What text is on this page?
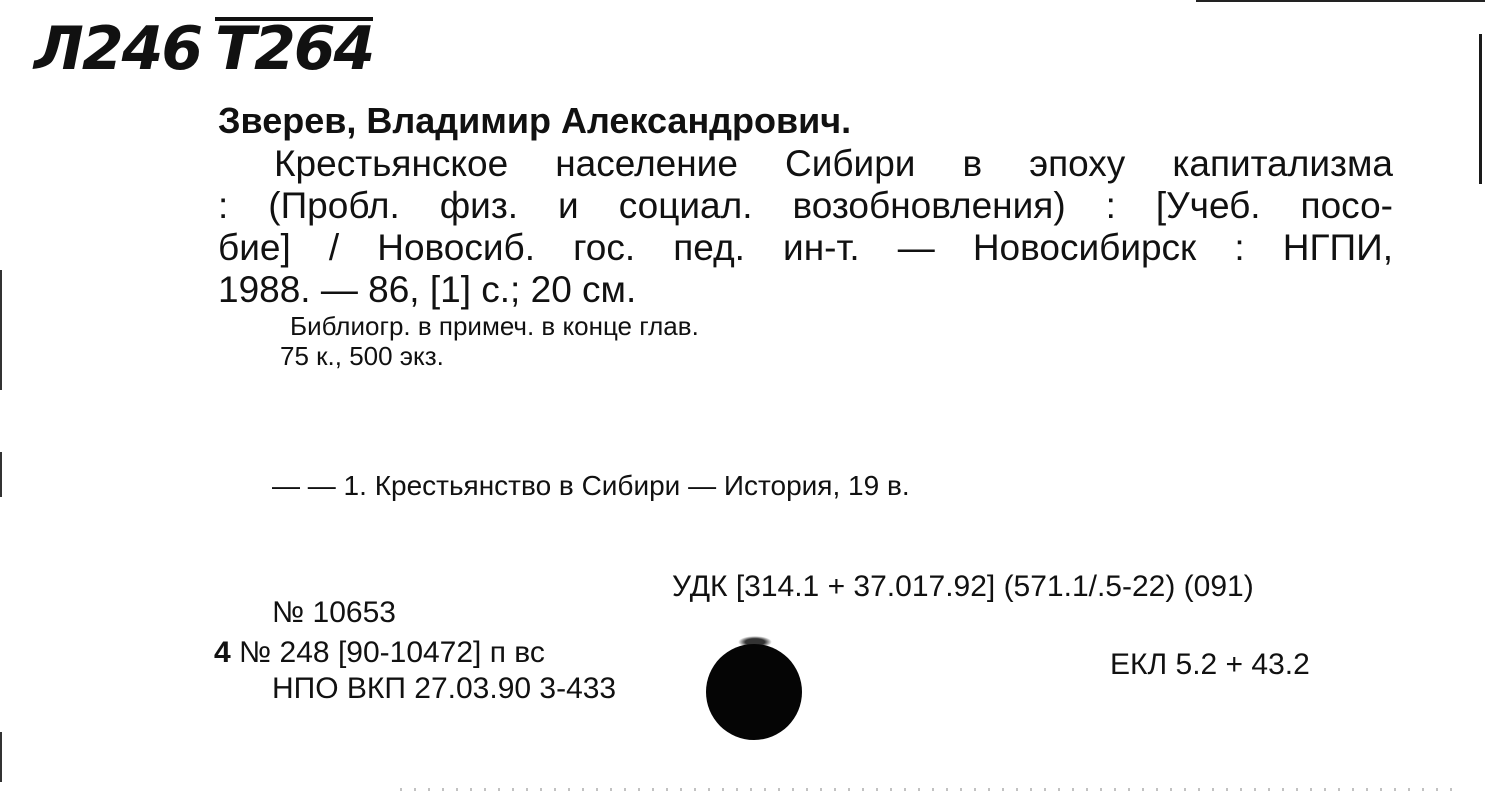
Л246 Т264
Зверев, Владимир Александрович.
Крестьянское население Сибири в эпоху капитализма
: (Пробл. физ. и социал. возобновления) : [Учеб. посо-
бие] / Новосиб. гос. пед. ин-т. — Новосибирск : НГПИ,
1988. — 86, [1] с.; 20 см.
Библиогр. в примеч. в конце глав.
75 к., 500 экз.
— — 1. Крестьянство в Сибири — История, 19 в.
УДК [314.1 + 37.017.92] (571.1/.5-22) (091)
№ 10653
4 № 248 [90-10472] п вс
НПО ВКП 27.03.90 3-433
ЕКЛ 5.2 + 43.2
